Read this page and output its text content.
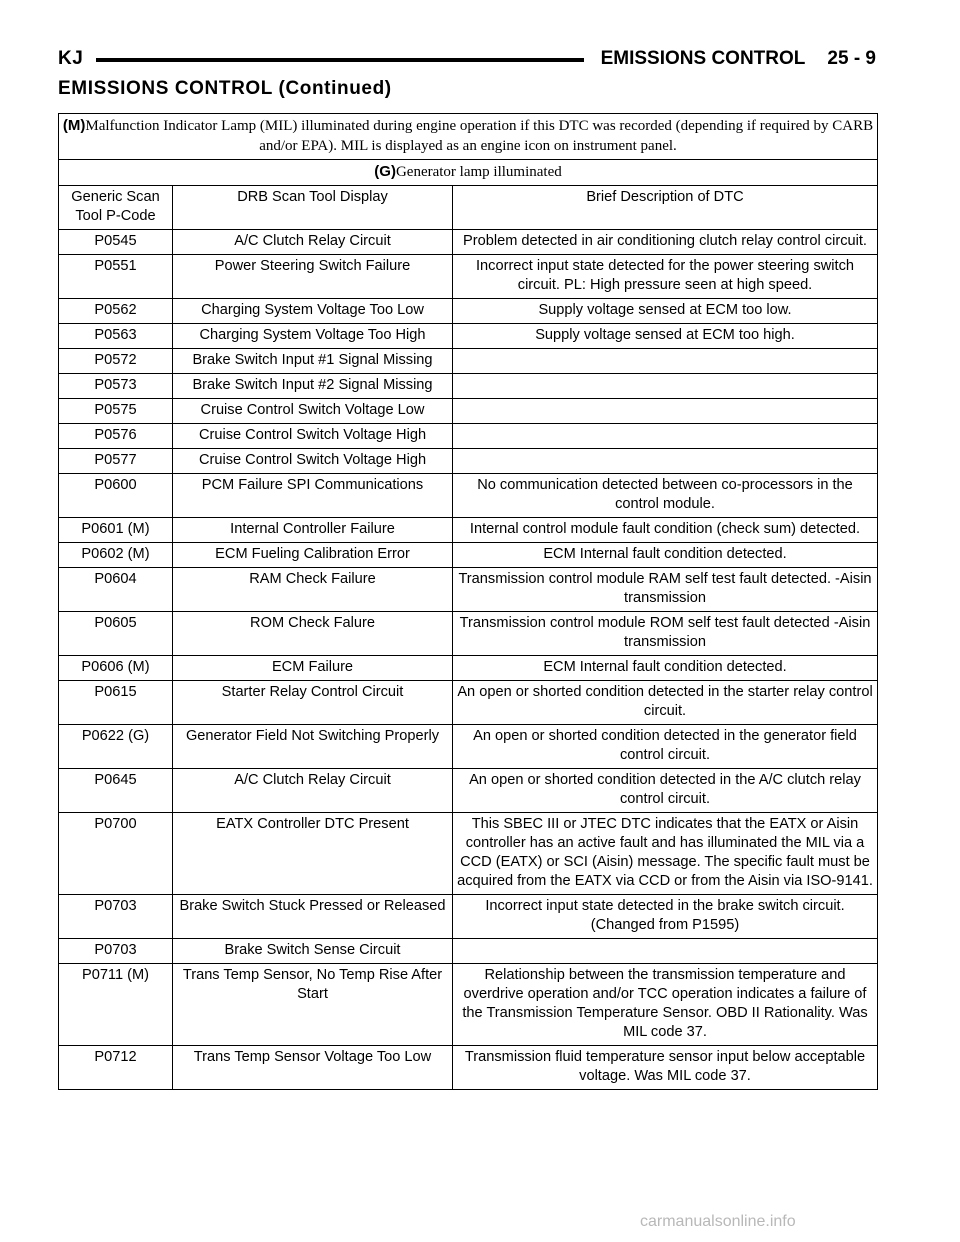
KJ	EMISSIONS CONTROL 25 - 9
EMISSIONS CONTROL (Continued)
(M)Malfunction Indicator Lamp (MIL) illuminated during engine operation if this DTC was recorded (depending if required by CARB and/or EPA). MIL is displayed as an engine icon on instrument panel.		
(G)Generator lamp illuminated		
Generic Scan Tool P-Code	DRB Scan Tool Display	Brief Description of DTC
P0545	A/C Clutch Relay Circuit	Problem detected in air conditioning clutch relay control circuit.
P0551	Power Steering Switch Failure	Incorrect input state detected for the power steering switch circuit. PL: High pressure seen at high speed.
P0562	Charging System Voltage Too Low	Supply voltage sensed at ECM too low.
P0563	Charging System Voltage Too High	Supply voltage sensed at ECM too high.
P0572	Brake Switch Input #1 Signal Missing	
P0573	Brake Switch Input #2 Signal Missing	
P0575	Cruise Control Switch Voltage Low	
P0576	Cruise Control Switch Voltage High	
P0577	Cruise Control Switch Voltage High	
P0600	PCM Failure SPI Communications	No communication detected between co-processors in the control module.
P0601 (M)	Internal Controller Failure	Internal control module fault condition (check sum) detected.
P0602 (M)	ECM Fueling Calibration Error	ECM Internal fault condition detected.
P0604	RAM Check Failure	Transmission control module RAM self test fault detected. -Aisin transmission
P0605	ROM Check Falure	Transmission control module ROM self test fault detected -Aisin transmission
P0606 (M)	ECM Failure	ECM Internal fault condition detected.
P0615	Starter Relay Control Circuit	An open or shorted condition detected in the starter relay control circuit.
P0622 (G)	Generator Field Not Switching Properly	An open or shorted condition detected in the generator field control circuit.
P0645	A/C Clutch Relay Circuit	An open or shorted condition detected in the A/C clutch relay control circuit.
P0700	EATX Controller DTC Present	This SBEC III or JTEC DTC indicates that the EATX or Aisin controller has an active fault and has illuminated the MIL via a CCD (EATX) or SCI (Aisin) message. The specific fault must be acquired from the EATX via CCD or from the Aisin via ISO-9141.
P0703	Brake Switch Stuck Pressed or Released	Incorrect input state detected in the brake switch circuit. (Changed from P1595)
P0703	Brake Switch Sense Circuit	
P0711 (M)	Trans Temp Sensor, No Temp Rise After Start	Relationship between the transmission temperature and overdrive operation and/or TCC operation indicates a failure of the Transmission Temperature Sensor. OBD II Rationality. Was MIL code 37.
P0712	Trans Temp Sensor Voltage Too Low	Transmission fluid temperature sensor input below acceptable voltage. Was MIL code 37.
carmanualsonline.info
